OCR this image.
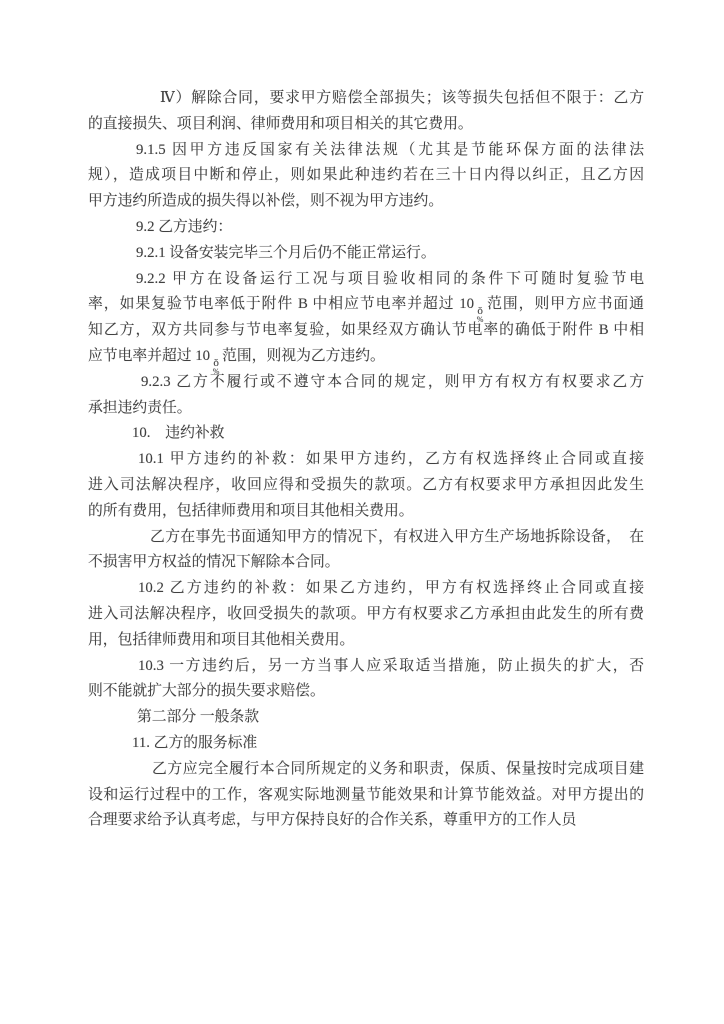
Ⅳ）解除合同，要求甲方赔偿全部损失；该等损失包括但不限于：乙方
的直接损失、项目利润、律师费用和项目相关的其它费用。
9.1.5 因甲方违反国家有关法律法规（尤其是节能环保方面的法律法
规），造成项目中断和停止，则如果此种违约若在三十日内得以纠正，且乙方因
甲方违约所造成的损失得以补偿，则不视为甲方违约。
9.2 乙方违约：
9.2.1 设备安装完毕三个月后仍不能正常运行。
9.2.2 甲方在设备运行工况与项目验收相同的条件下可随时复验节电
率，如果复验节电率低于附件 B 中相应节电率并超过 10 ǒ
%
范围，则甲方应书面通
知乙方，双方共同参与节电率复验，如果经双方确认节电率的确低于附件 B 中相
应节电率并超过 10 ǒ
%
范围，则视为乙方违约。
9.2.3 乙方不履行或不遵守本合同的规定，则甲方有权方有权要求乙方
承担违约责任。
10.　违约补救
10.1 甲方违约的补救：如果甲方违约，乙方有权选择终止合同或直接
进入司法解决程序，收回应得和受损失的款项。乙方有权要求甲方承担因此发生
的所有费用，包括律师费用和项目其他相关费用。
乙方在事先书面通知甲方的情况下，有权进入甲方生产场地拆除设备，　在
不损害甲方权益的情况下解除本合同。
10.2 乙方违约的补救：如果乙方违约，甲方有权选择终止合同或直接
进入司法解决程序，收回受损失的款项。甲方有权要求乙方承担由此发生的所有费
用，包括律师费用和项目其他相关费用。
10.3 一方违约后，另一方当事人应采取适当措施，防止损失的扩大，否
则不能就扩大部分的损失要求赔偿。
第二部分 一般条款
11. 乙方的服务标准
乙方应完全履行本合同所规定的义务和职责，保质、保量按时完成项目建
设和运行过程中的工作，客观实际地测量节能效果和计算节能效益。对甲方提出的
合理要求给予认真考虑，与甲方保持良好的合作关系，尊重甲方的工作人员
